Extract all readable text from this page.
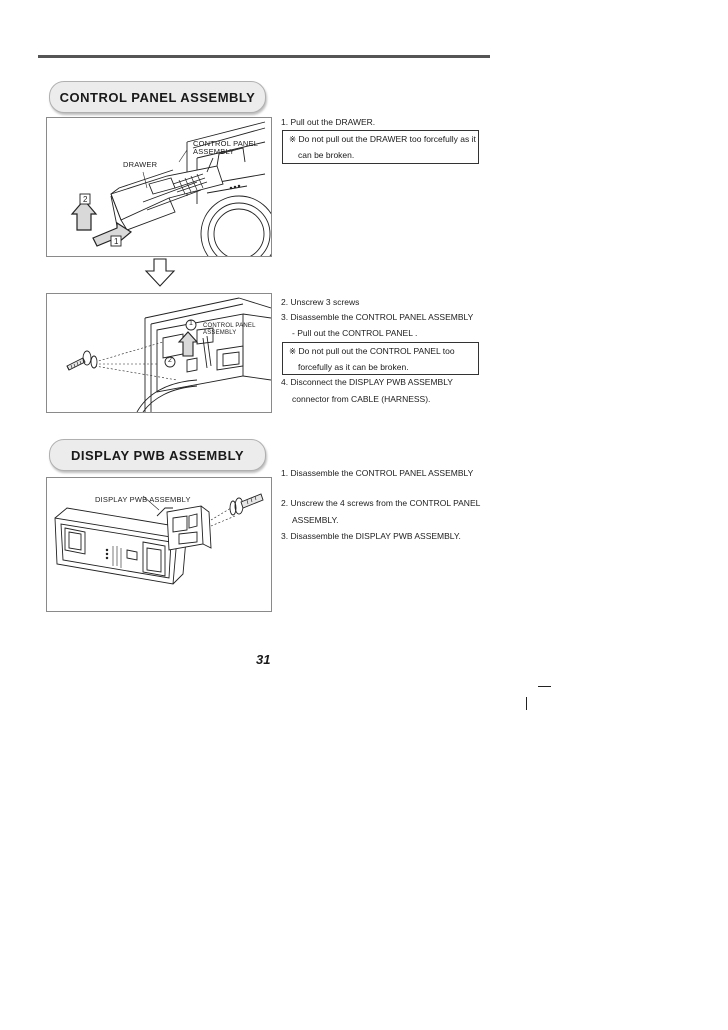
CONTROL PANEL ASSEMBLY
CONTROL PANEL
ASSEMBLY
DRAWER
2
1
1
2
CONTROL PANEL
ASSEMBLY
1. Pull out the DRAWER.
※ Do not pull out the DRAWER too forcefully as it
can be broken.
2. Unscrew 3 screws
3. Disassemble the CONTROL PANEL ASSEMBLY
- Pull out the CONTROL PANEL .
※ Do not pull out the CONTROL PANEL too
forcefully as it can be broken.
4. Disconnect the DISPLAY PWB ASSEMBLY
connector from CABLE (HARNESS).
DISPLAY PWB ASSEMBLY
DISPLAY PWB ASSEMBLY
1. Disassemble the CONTROL PANEL ASSEMBLY
2. Unscrew the 4 screws from the CONTROL PANEL
ASSEMBLY.
3. Disassemble the DISPLAY PWB ASSEMBLY.
31
